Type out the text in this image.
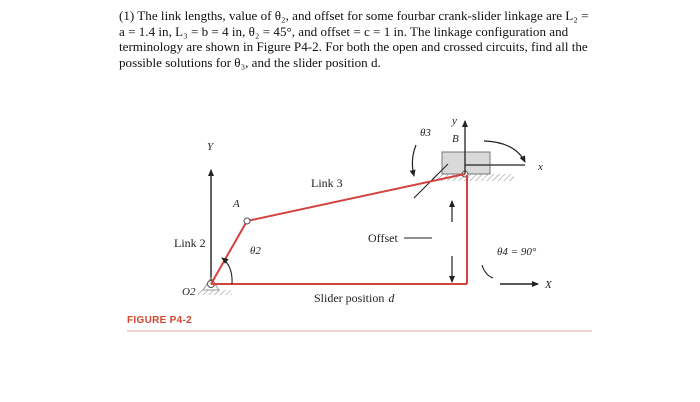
(1) The link lengths, value of θ₂, and offset for some fourbar crank-slider linkage are L₂ =

a = 1.4 in, L₃ = b = 4 in, θ₂ = 45°, and offset = c = 1 in. The linkage configuration and

terminology are shown in Figure P4-2. For both the open and crossed circuits, find all the

possible solutions for θ₃, and the slider position d.

Y
X
O2
y
B
x
θ3
A
θ2
Link 2
Link 3
Offset
θ4 = 90°
Slider position d
FIGURE P4-2
